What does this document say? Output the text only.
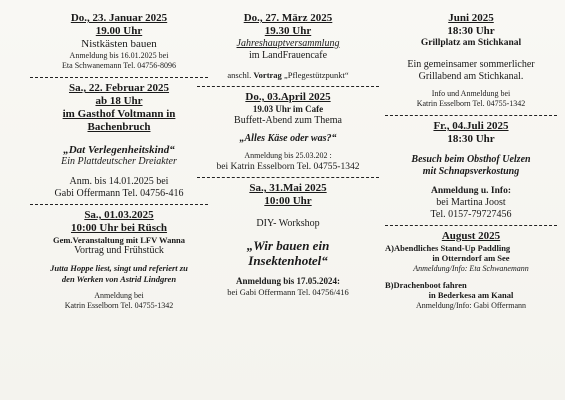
Do., 23. Januar 2025
19.00 Uhr
Nistkästen bauen
Anmeldung bis 16.01.2025 bei
Eta Schwanemann Tel. 04756-8096
Sa., 22. Februar 2025
ab 18 Uhr
im Gasthof Voltmann in
Bachenbruch
„Dat Verlegenheitskind“
Ein Plattdeutscher Dreiakter
Anm. bis 14.01.2025 bei
Gabi Offermann Tel. 04756-416
Sa., 01.03.2025
10:00 Uhr bei Rüsch
Gem.Veranstaltung mit LFV Wanna
Vortrag und Frühstück
Jutta Hoppe liest, singt und referiert zu
den Werken von Astrid Lindgren
Anmeldung bei
Katrin Esselborn Tel. 04755-1342
Do., 27. März 2025
19.30 Uhr
Jahreshauptversammlung
im LandFrauencafe
anschl. Vortrag „Pflegestützpunkt“
Do., 03.April 2025
19.03 Uhr im Cafe
Buffett-Abend zum Thema
„Alles Käse oder was?“
Anmeldung bis 25.03.202 :
bei Katrin Esselborn Tel. 04755-1342
Sa., 31.Mai 2025
10:00 Uhr
DIY- Workshop
„Wir bauen ein
Insektenhotel“
Anmeldung bis 17.05.2024:
bei Gabi Offermann Tel. 04756/416
Juni 2025
18:30 Uhr
Grillplatz am Stichkanal
Ein gemeinsamer sommerlicher
Grillabend am Stichkanal.
Info und Anmeldung bei
Katrin Esselborn Tel. 04755-1342
Fr., 04.Juli 2025
18:30 Uhr
Besuch beim Obsthof Uelzen
mit Schnapsverkostung
Anmeldung u. Info:
bei Martina Joost
Tel. 0157-79727456
August 2025
A)Abendliches Stand-Up Paddling
in Otterndorf am See
Anmeldung/Info: Eta Schwanemann
B)Drachenboot fahren
in Bederkesa am Kanal
Anmeldung/Info: Gabi Offermann
